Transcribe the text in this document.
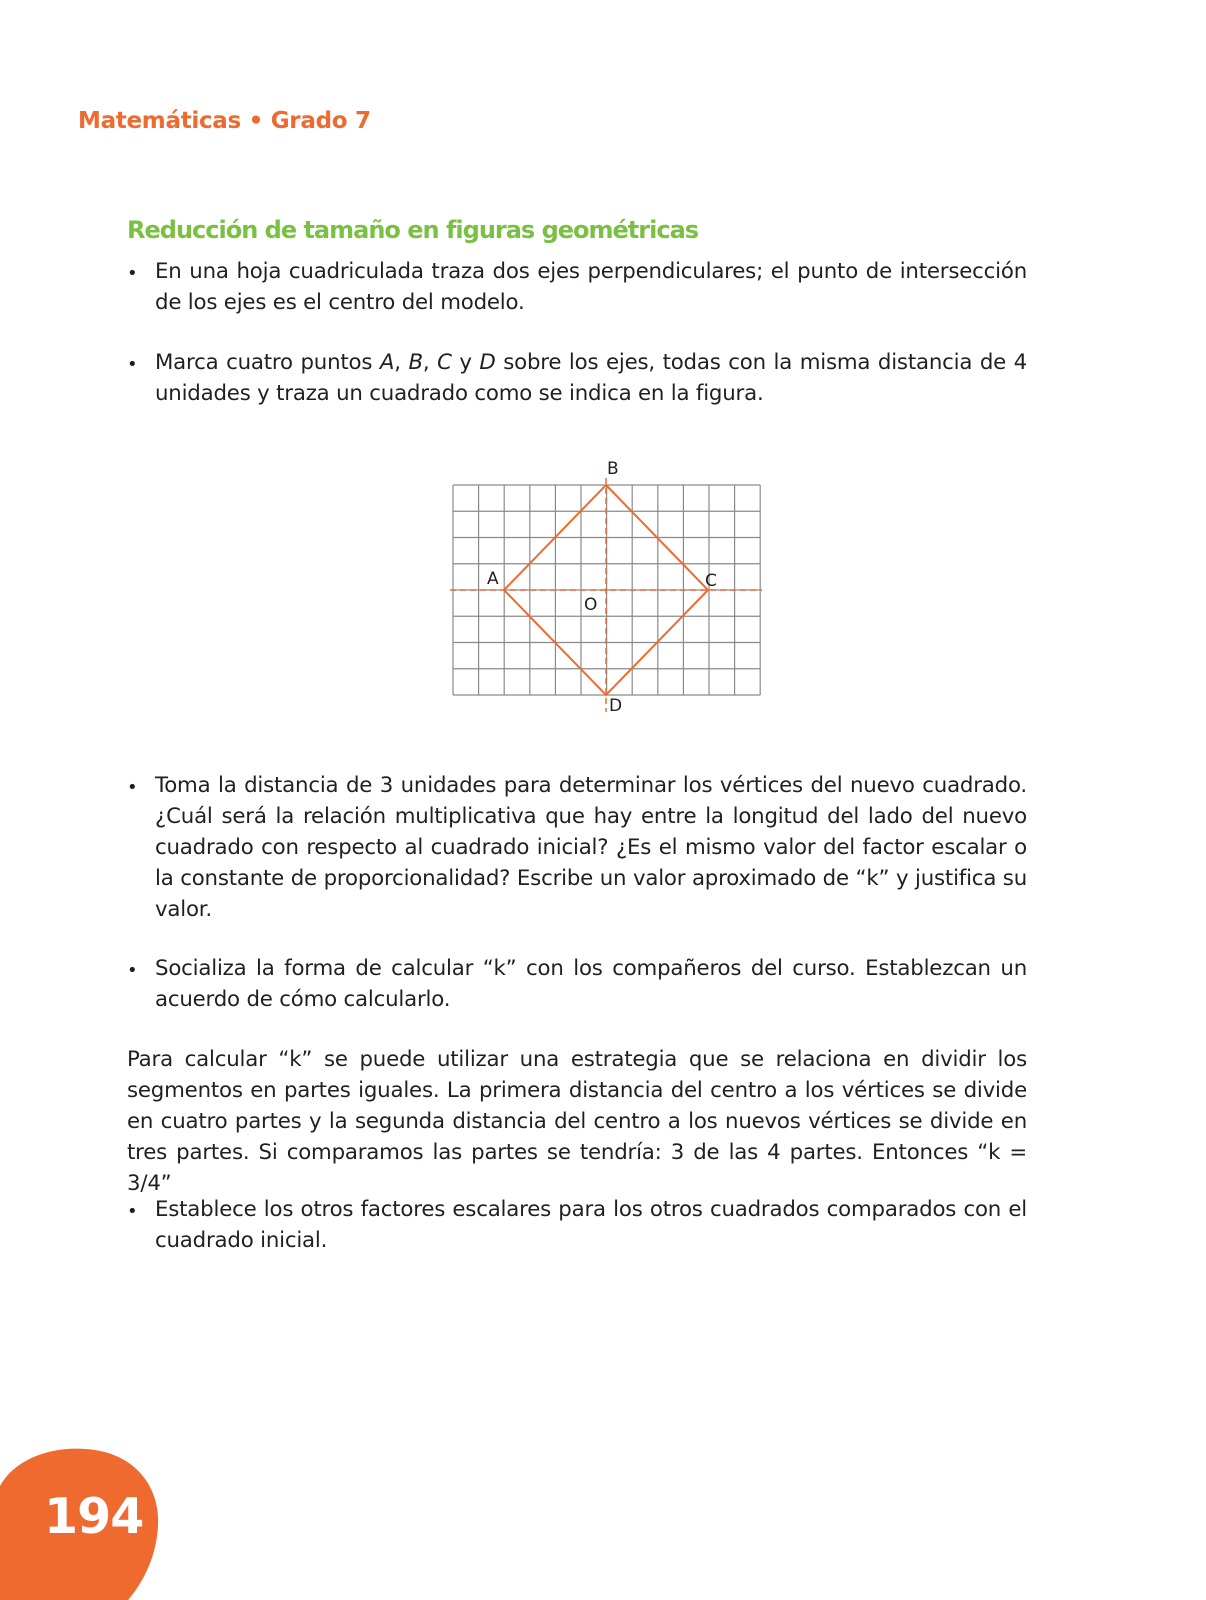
Matemáticas • Grado 7
Reducción de tamaño en figuras geométricas
• En una hoja cuadriculada traza dos ejes perpendiculares; el punto de intersección de los ejes es el centro del modelo.
• Marca cuatro puntos A, B, C y D sobre los ejes, todas con la misma distancia de 4 unidades y traza un cuadrado como se indica en la figura.
B
A	C
O
D
• Toma la distancia de 3 unidades para determinar los vértices del nuevo cuadrado. ¿Cuál será la relación multiplicativa que hay entre la longitud del lado del nuevo cuadrado con respecto al cuadrado inicial? ¿Es el mismo valor del factor escalar o la constante de proporcionalidad? Escribe un valor aproximado de “k” y justifica su valor.
• Socializa la forma de calcular “k” con los compañeros del curso. Establezcan un acuerdo de cómo calcularlo.
Para calcular “k” se puede utilizar una estrategia que se relaciona en dividir los segmentos en partes iguales. La primera distancia del centro a los vértices se divide en cuatro partes y la segunda distancia del centro a los nuevos vértices se divide en tres partes. Si comparamos las partes se tendría: 3 de las 4 partes. Entonces “k = 3/4”
• Establece los otros factores escalares para los otros cuadrados comparados con el cuadrado inicial.
194
